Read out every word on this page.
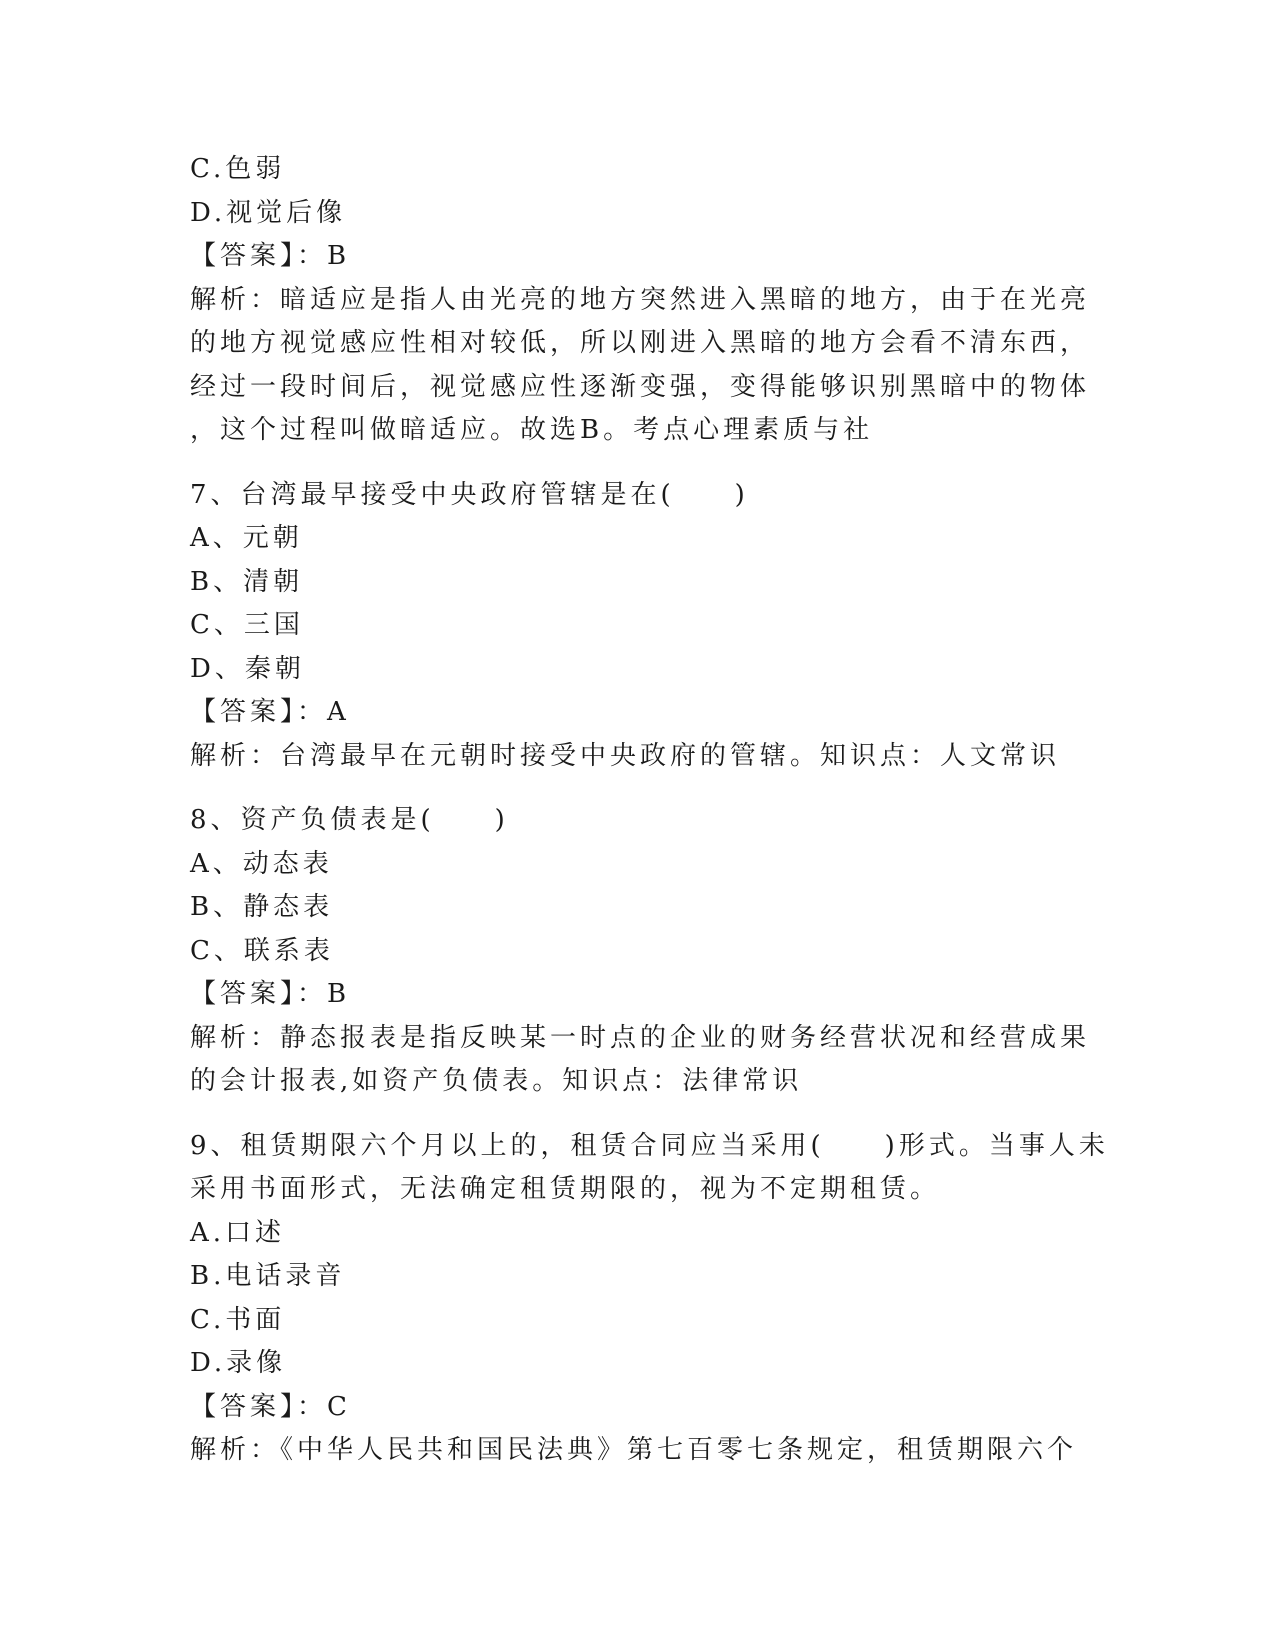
C.色弱
D.视觉后像
【答案】：B
解析：暗适应是指人由光亮的地方突然进入黑暗的地方，由于在光亮
的地方视觉感应性相对较低，所以刚进入黑暗的地方会看不清东西，
经过一段时间后，视觉感应性逐渐变强，变得能够识别黑暗中的物体
，这个过程叫做暗适应。故选B。考点心理素质与社
7、台湾最早接受中央政府管辖是在(　　)
A、元朝
B、清朝
C、三国
D、秦朝
【答案】：A
解析：台湾最早在元朝时接受中央政府的管辖。知识点：人文常识
8、资产负债表是(　　)
A、动态表
B、静态表
C、联系表
【答案】：B
解析：静态报表是指反映某一时点的企业的财务经营状况和经营成果
的会计报表,如资产负债表。知识点：法律常识
9、租赁期限六个月以上的，租赁合同应当采用(　　)形式。当事人未
采用书面形式，无法确定租赁期限的，视为不定期租赁。
A.口述
B.电话录音
C.书面
D.录像
【答案】：C
解析：《中华人民共和国民法典》第七百零七条规定，租赁期限六个
